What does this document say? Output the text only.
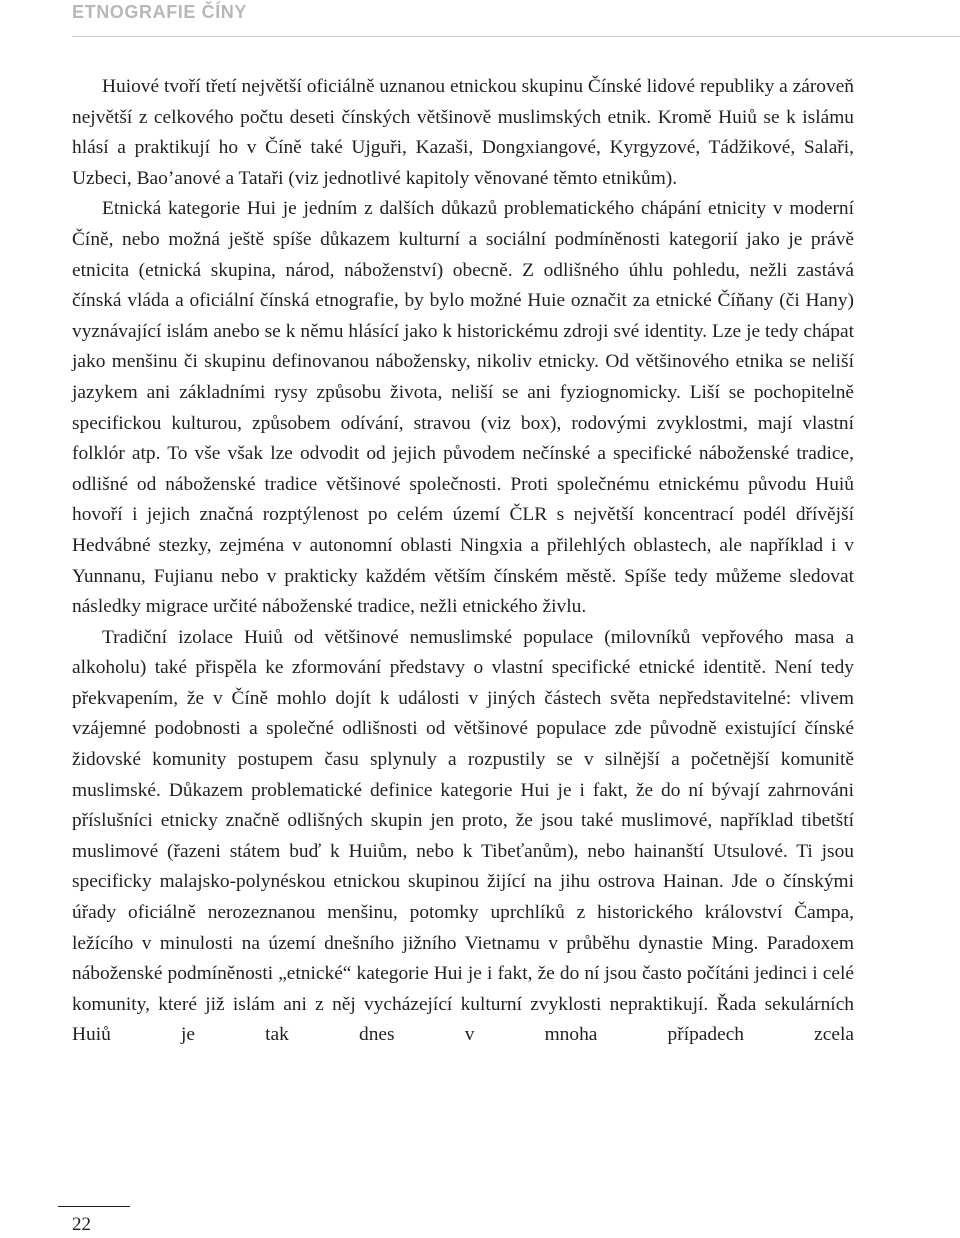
ETNOGRAFIE ČÍNY

Huiové tvoří třetí největší oficiálně uznanou etnickou skupinu Čínské lidové republiky a zároveň největší z celkového počtu deseti čínských většinově muslimských etnik. Kromě Huiů se k islámu hlásí a praktikují ho v Číně také Ujguři, Kazaši, Dongxiangové, Kyrgyzové, Tádžikové, Salaři, Uzbeci, Bao’anové a Tataři (viz jednotlivé kapitoly věnované těmto etnikům).

Etnická kategorie Hui je jedním z dalších důkazů problematického chápání etnicity v moderní Číně, nebo možná ještě spíše důkazem kulturní a sociální podmíněnosti kategorií jako je právě etnicita (etnická skupina, národ, náboženství) obecně. Z odlišného úhlu pohledu, nežli zastává čínská vláda a oficiální čínská etnografie, by bylo možné Huie označit za etnické Číňany (či Hany) vyznávající islám anebo se k němu hlásící jako k historickému zdroji své identity. Lze je tedy chápat jako menšinu či skupinu definovanou nábožensky, nikoliv etnicky. Od většinového etnika se neliší jazykem ani základními rysy způsobu života, neliší se ani fyziognomicky. Liší se pochopitelně specifickou kulturou, způsobem odívání, stravou (viz box), rodovými zvyklostmi, mají vlastní folklór atp. To vše však lze odvodit od jejich původem nečínské a specifické náboženské tradice, odlišné od náboženské tradice většinové společnosti. Proti společnému etnickému původu Huiů hovoří i jejich značná rozptýlenost po celém území ČLR s největší koncentrací podél dřívější Hedvábné stezky, zejména v autonomní oblasti Ningxia a přilehlých oblastech, ale například i v Yunnanu, Fujianu nebo v prakticky každém větším čínském městě. Spíše tedy můžeme sledovat následky migrace určité náboženské tradice, nežli etnického živlu.

Tradiční izolace Huiů od většinové nemuslimské populace (milovníků vepřového masa a alkoholu) také přispěla ke zformování představy o vlastní specifické etnické identitě. Není tedy překvapením, že v Číně mohlo dojít k události v jiných částech světa nepředstavitelné: vlivem vzájemné podobnosti a společné odlišnosti od většinové populace zde původně existující čínské židovské komunity postupem času splynuly a rozpustily se v silnější a početnější komunitě muslimské. Důkazem problematické definice kategorie Hui je i fakt, že do ní bývají zahrnováni příslušníci etnicky značně odlišných skupin jen proto, že jsou také muslimové, například tibetští muslimové (řazeni státem buď k Huiům, nebo k Tibeťanům), nebo hainanští Utsulové. Ti jsou specificky malajsko-polynéskou etnickou skupinou žijící na jihu ostrova Hainan. Jde o čínskými úřady oficiálně nerozeznanou menšinu, potomky uprchlíků z historického království Čampa, ležícího v minulosti na území dnešního jižního Vietnamu v průběhu dynastie Ming. Paradoxem náboženské podmíněnosti „etnické“ kategorie Hui je i fakt, že do ní jsou často počítáni jedinci i celé komunity, které již islám ani z něj vycházející kulturní zvyklosti nepraktikují. Řada sekulárních Huiů je tak dnes v mnoha případech zcela

22
